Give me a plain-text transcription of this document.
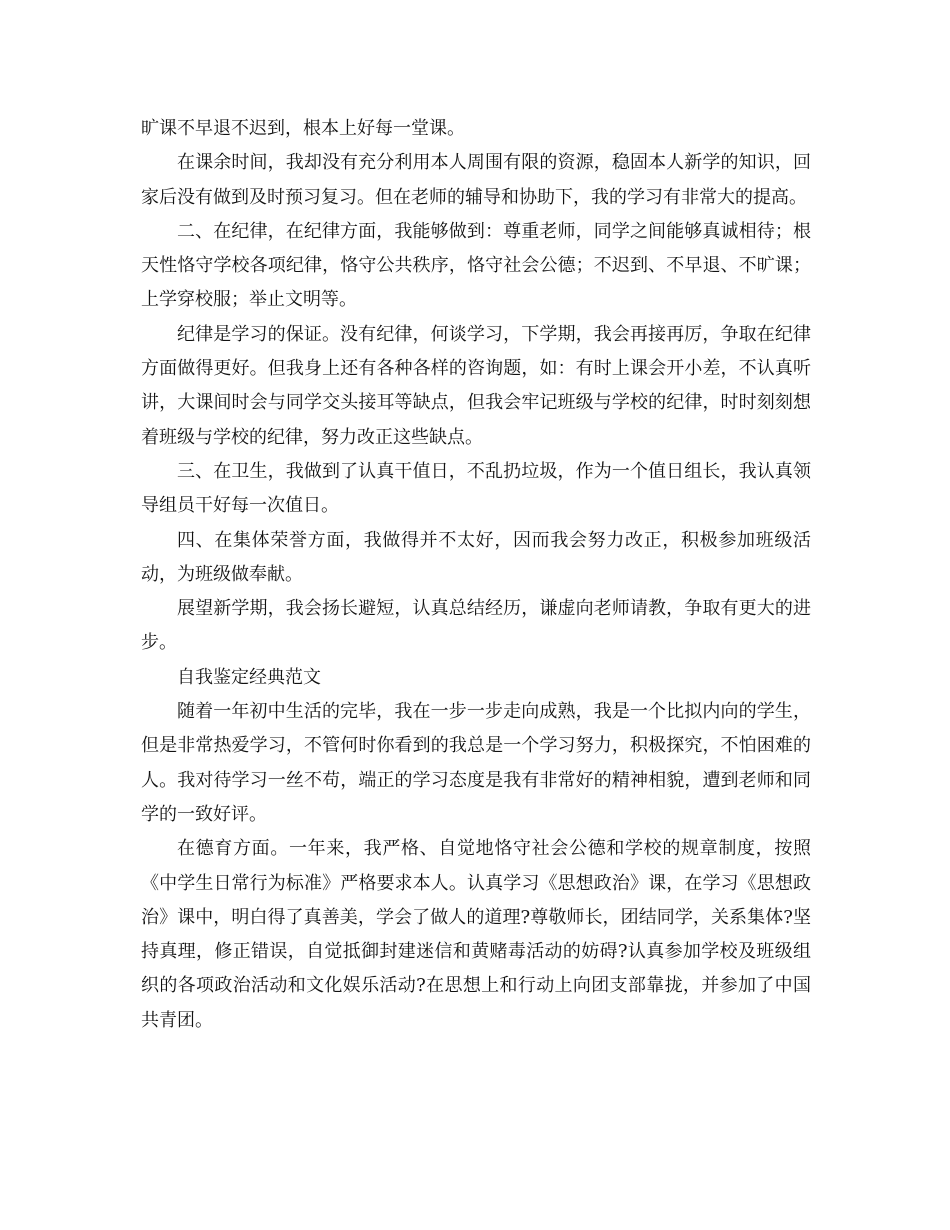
旷课不早退不迟到，根本上好每一堂课。

在课余时间，我却没有充分利用本人周围有限的资源，稳固本人新学的知识，回家后没有做到及时预习复习。但在老师的辅导和协助下，我的学习有非常大的提高。

二、在纪律，在纪律方面，我能够做到：尊重老师，同学之间能够真诚相待；根天性恪守学校各项纪律，恪守公共秩序，恪守社会公德；不迟到、不早退、不旷课；上学穿校服；举止文明等。

纪律是学习的保证。没有纪律，何谈学习，下学期，我会再接再厉，争取在纪律方面做得更好。但我身上还有各种各样的咨询题，如：有时上课会开小差，不认真听讲，大课间时会与同学交头接耳等缺点，但我会牢记班级与学校的纪律，时时刻刻想着班级与学校的纪律，努力改正这些缺点。

三、在卫生，我做到了认真干值日，不乱扔垃圾，作为一个值日组长，我认真领导组员干好每一次值日。

四、在集体荣誉方面，我做得并不太好，因而我会努力改正，积极参加班级活动，为班级做奉献。

展望新学期，我会扬长避短，认真总结经历，谦虚向老师请教，争取有更大的进步。

自我鉴定经典范文

随着一年初中生活的完毕，我在一步一步走向成熟，我是一个比拟内向的学生，但是非常热爱学习，不管何时你看到的我总是一个学习努力，积极探究，不怕困难的人。我对待学习一丝不苟，端正的学习态度是我有非常好的精神相貌，遭到老师和同学的一致好评。

在德育方面。一年来，我严格、自觉地恪守社会公德和学校的规章制度，按照《中学生日常行为标准》严格要求本人。认真学习《思想政治》课，在学习《思想政治》课中，明白得了真善美，学会了做人的道理?尊敬师长，团结同学，关系集体?坚持真理，修正错误，自觉抵御封建迷信和黄赌毒活动的妨碍?认真参加学校及班级组织的各项政治活动和文化娱乐活动?在思想上和行动上向团支部靠拢，并参加了中国共青团。
